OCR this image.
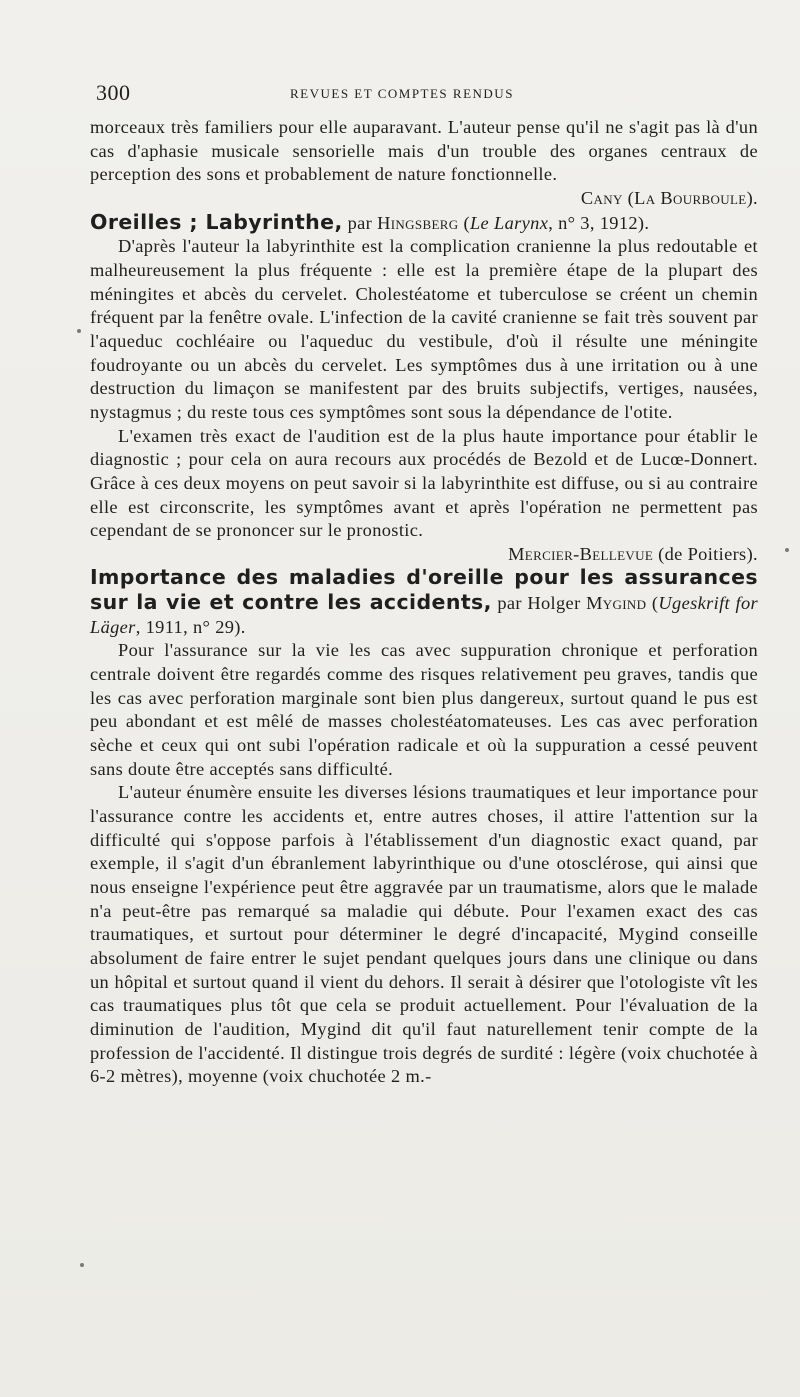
300	REVUES ET COMPTES RENDUS

morceaux très familiers pour elle auparavant. L'auteur pense qu'il ne s'agit pas là d'un cas d'aphasie musicale sensorielle mais d'un trouble des organes centraux de perception des sons et probablement de nature fonctionnelle.
Cany (La Bourboule).

Oreilles ; Labyrinthe, par Hingsberg (Le Larynx, n° 3, 1912).

D'après l'auteur la labyrinthite est la complication cranienne la plus redoutable et malheureusement la plus fréquente : elle est la première étape de la plupart des méningites et abcès du cervelet. Cholestéatome et tuberculose se créent un chemin fréquent par la fenêtre ovale. L'infection de la cavité cranienne se fait très souvent par l'aqueduc cochléaire ou l'aqueduc du vestibule, d'où il résulte une méningite foudroyante ou un abcès du cervelet. Les symptômes dus à une irritation ou à une destruction du limaçon se manifestent par des bruits subjectifs, vertiges, nausées, nystagmus ; du reste tous ces symptômes sont sous la dépendance de l'otite.

L'examen très exact de l'audition est de la plus haute importance pour établir le diagnostic ; pour cela on aura recours aux procédés de Bezold et de Lucœ-Donnert. Grâce à ces deux moyens on peut savoir si la labyrinthite est diffuse, ou si au contraire elle est circonscrite, les symptômes avant et après l'opération ne permettent pas cependant de se prononcer sur le pronostic.
Mercier-Bellevue (de Poitiers).

Importance des maladies d'oreille pour les assurances sur la vie et contre les accidents, par Holger Mygind (Ugeskrift for Läger, 1911, n° 29).

Pour l'assurance sur la vie les cas avec suppuration chronique et perforation centrale doivent être regardés comme des risques relativement peu graves, tandis que les cas avec perforation marginale sont bien plus dangereux, surtout quand le pus est peu abondant et est mêlé de masses cholestéatomateuses. Les cas avec perforation sèche et ceux qui ont subi l'opération radicale et où la suppuration a cessé peuvent sans doute être acceptés sans difficulté.

L'auteur énumère ensuite les diverses lésions traumatiques et leur importance pour l'assurance contre les accidents et, entre autres choses, il attire l'attention sur la difficulté qui s'oppose parfois à l'établissement d'un diagnostic exact quand, par exemple, il s'agit d'un ébranlement labyrinthique ou d'une otosclérose, qui ainsi que nous enseigne l'expérience peut être aggravée par un traumatisme, alors que le malade n'a peut-être pas remarqué sa maladie qui débute. Pour l'examen exact des cas traumatiques, et surtout pour déterminer le degré d'incapacité, Mygind conseille absolument de faire entrer le sujet pendant quelques jours dans une clinique ou dans un hôpital et surtout quand il vient du dehors. Il serait à désirer que l'otologiste vît les cas traumatiques plus tôt que cela se produit actuellement. Pour l'évaluation de la diminution de l'audition, Mygind dit qu'il faut naturellement tenir compte de la profession de l'accidenté. Il distingue trois degrés de surdité : légère (voix chuchotée à 6-2 mètres), moyenne (voix chuchotée 2 m.-
